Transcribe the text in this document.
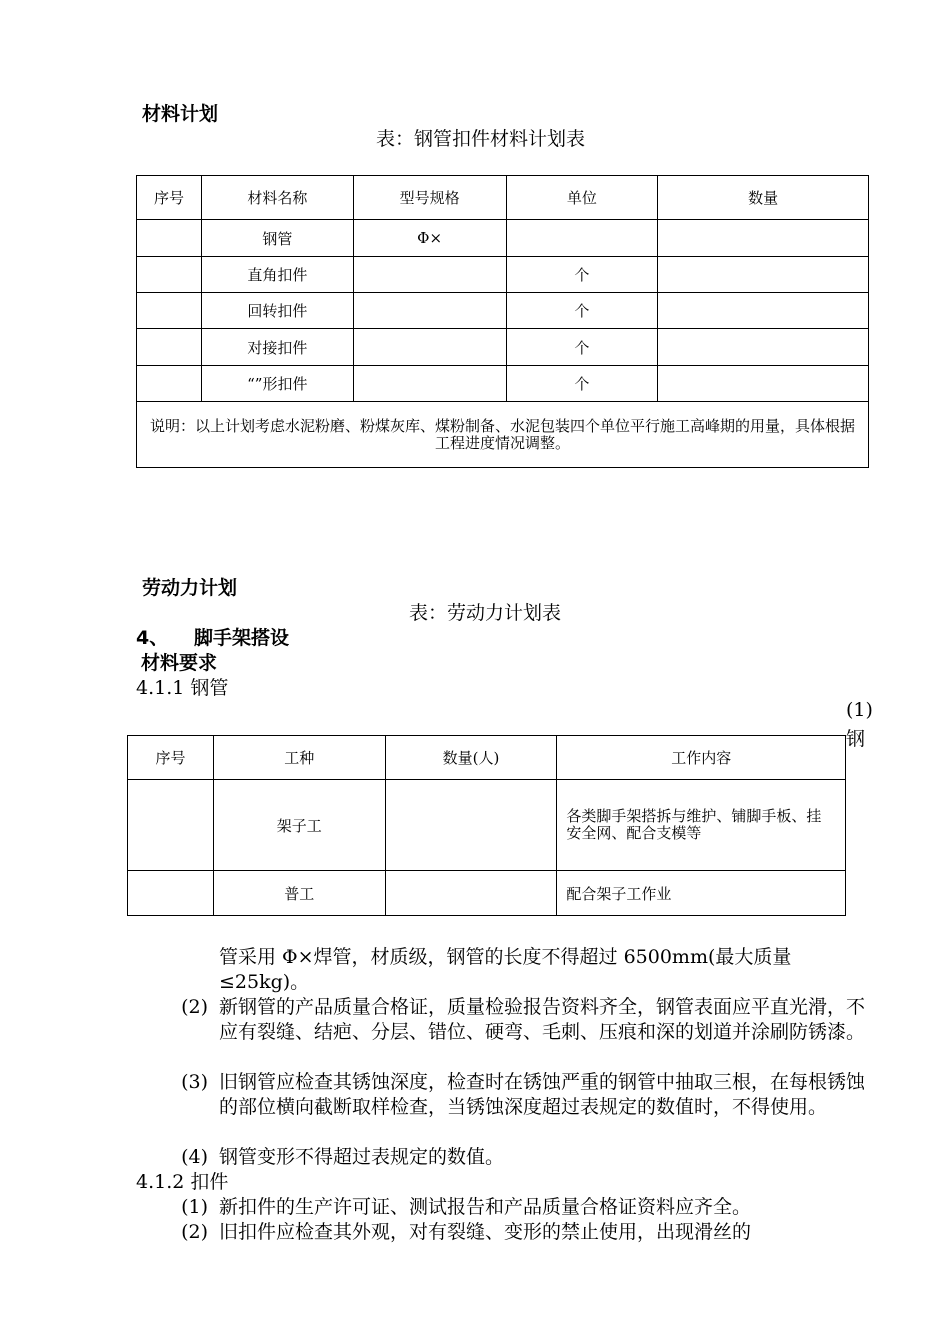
材料计划
表：钢管扣件材料计划表
序号	材料名称	型号规格	单位	数量
	钢管	Φ×		
	直角扣件		个	
	回转扣件		个	
	对接扣件		个	
	“”形扣件		个	
说明：以上计划考虑水泥粉磨、粉煤灰库、煤粉制备、水泥包装四个单位平行施工高峰期的用量，具体根据工程进度情况调整。				
劳动力计划
表：劳动力计划表
4、 脚手架搭设
材料要求
4.1.1 钢管
(1)
钢
序号	工种	数量(人)	工作内容
	架子工		各类脚手架搭拆与维护、铺脚手板、挂安全网、配合支模等
	普工		配合架子工作业
管采用 Φ×焊管，材质级，钢管的长度不得超过 6500mm(最大质量≤25kg)。
(2) 新钢管的产品质量合格证，质量检验报告资料齐全，钢管表面应平直光滑，不应有裂缝、结疤、分层、错位、硬弯、毛刺、压痕和深的划道并涂刷防锈漆。
(3) 旧钢管应检查其锈蚀深度，检查时在锈蚀严重的钢管中抽取三根，在每根锈蚀的部位横向截断取样检查，当锈蚀深度超过表规定的数值时，不得使用。
(4) 钢管变形不得超过表规定的数值。
4.1.2 扣件
(1) 新扣件的生产许可证、测试报告和产品质量合格证资料应齐全。
(2) 旧扣件应检查其外观，对有裂缝、变形的禁止使用，出现滑丝的
